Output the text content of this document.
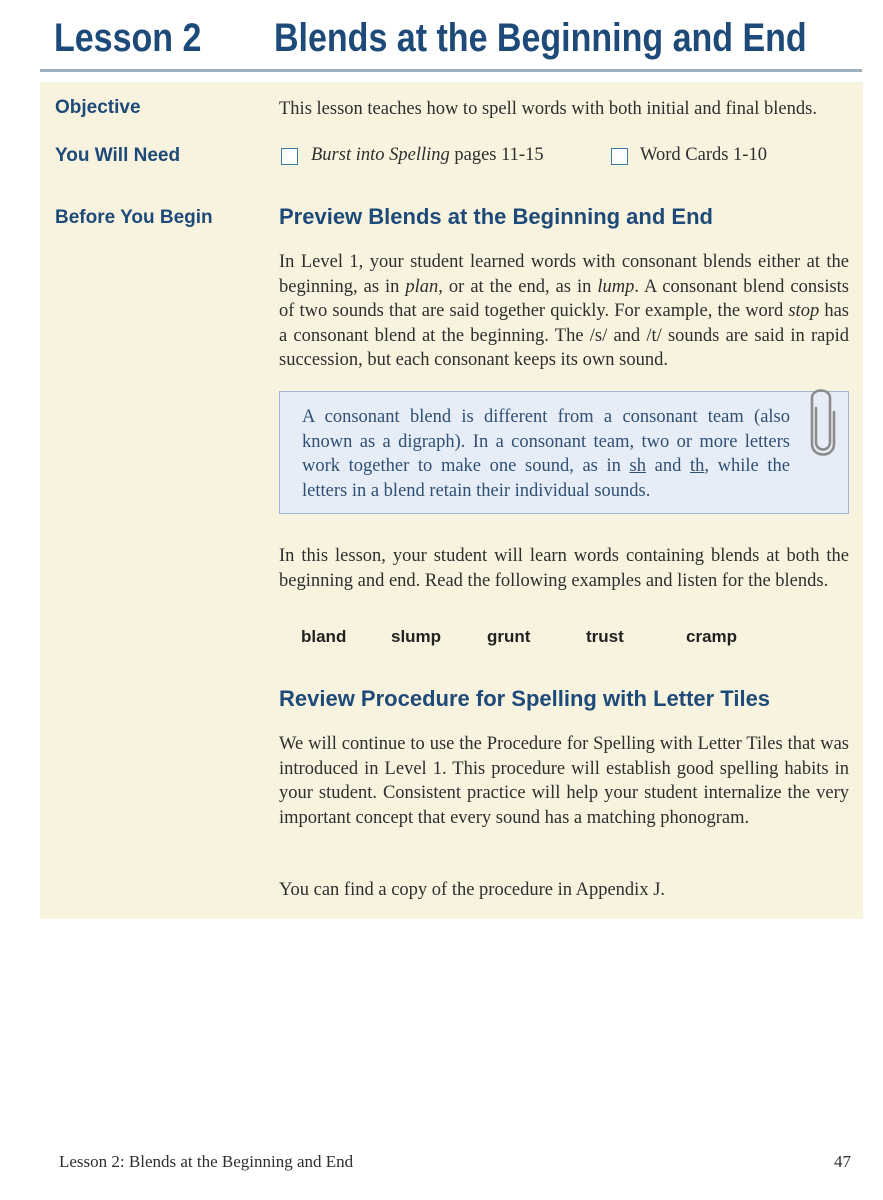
Lesson 2 Blends at the Beginning and End
Objective	This lesson teaches how to spell words with both initial and final blends.
You Will Need	Burst into Spelling pages 11-15	Word Cards 1-10
Before You Begin	Preview Blends at the Beginning and End
In Level 1, your student learned words with consonant blends either at the beginning, as in plan, or at the end, as in lump. A consonant blend consists of two sounds that are said together quickly. For example, the word stop has a consonant blend at the beginning. The /s/ and /t/ sounds are said in rapid succession, but each consonant keeps its own sound.
A consonant blend is different from a consonant team (also known as a digraph). In a consonant team, two or more letters work together to make one sound, as in sh and th, while the letters in a blend retain their individual sounds.
In this lesson, your student will learn words containing blends at both the beginning and end. Read the following examples and listen for the blends.
bland	slump	grunt	trust	cramp
Review Procedure for Spelling with Letter Tiles
We will continue to use the Procedure for Spelling with Letter Tiles that was introduced in Level 1. This procedure will establish good spelling habits in your student. Consistent practice will help your student internalize the very important concept that every sound has a matching phonogram.
You can find a copy of the procedure in Appendix J.
Lesson 2: Blends at the Beginning and End	47
